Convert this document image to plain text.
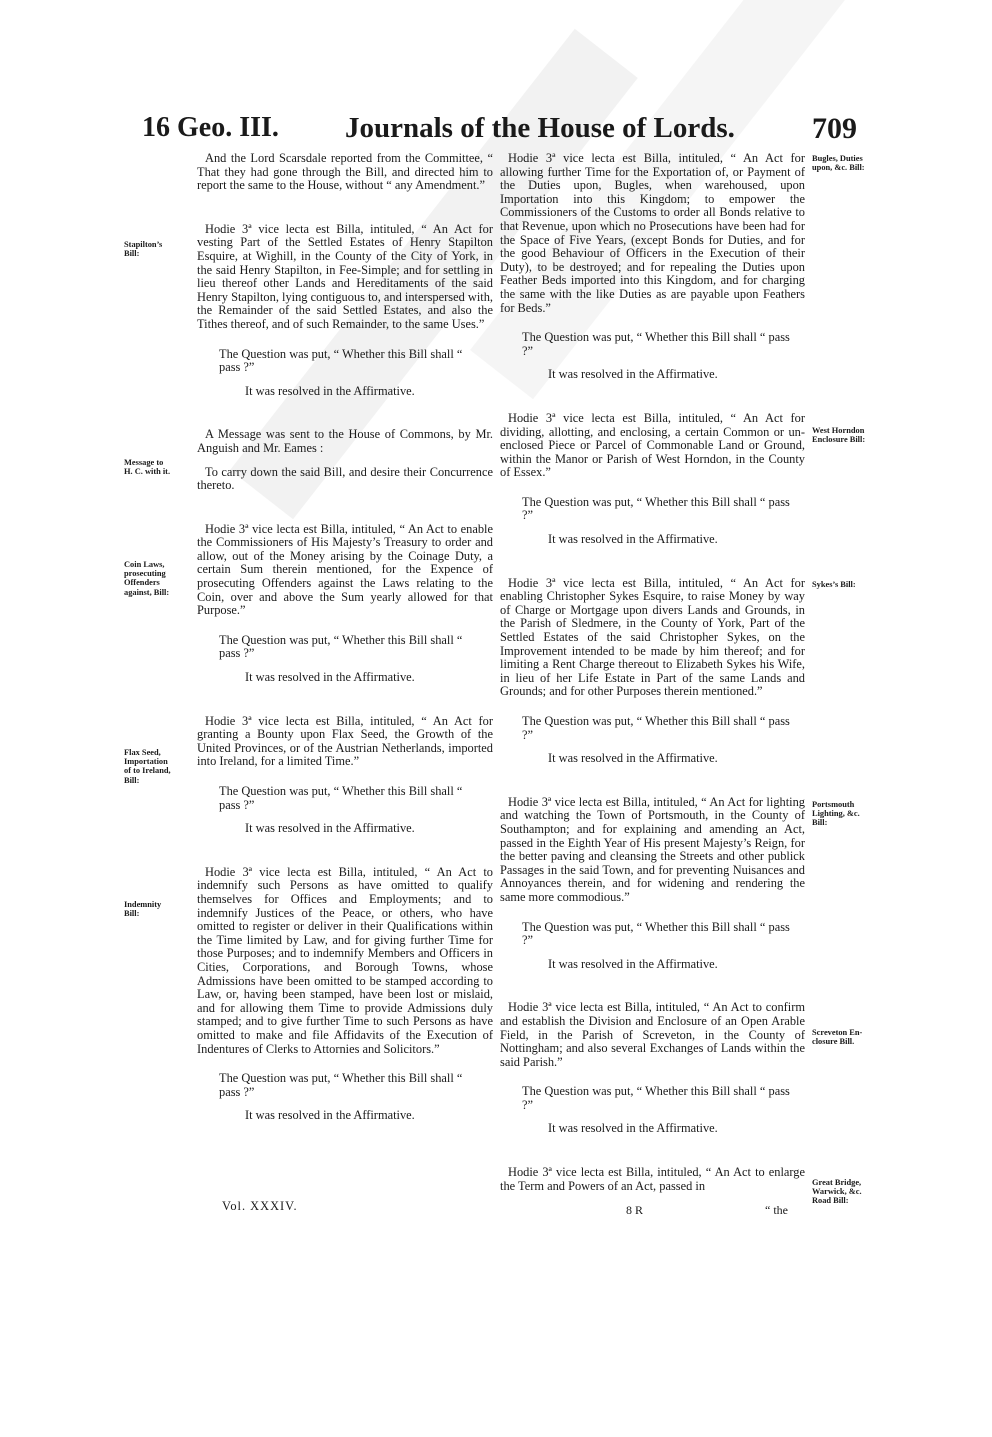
16 Geo. III. Journals of the House of Lords.	709

And the Lord Scarsdale reported from the Committee, “ That they had gone through the Bill, and directed him to report the same to the House, without “ any Amendment.”

Hodie 3ª vice lecta est Billa, intituled, “ An Act for vesting Part of the Settled Estates of Henry Stapilton Esquire, at Wighill, in the County of the City of York, in the said Henry Stapilton, in Fee-Simple; and for settling in lieu thereof other Lands and Hereditaments of the said Henry Stapilton, lying contiguous to, and interspersed with, the Remainder of the said Settled Estates, and also the Tithes thereof, and of such Remainder, to the same Uses.”

The Question was put, “ Whether this Bill shall “ pass ?”

It was resolved in the Affirmative.

A Message was sent to the House of Commons, by Mr. Anguish and Mr. Eames :

To carry down the said Bill, and desire their Concurrence thereto.

Hodie 3ª vice lecta est Billa, intituled, “ An Act to enable the Commissioners of His Majesty’s Treasury to order and allow, out of the Money arising by the Coinage Duty, a certain Sum therein mentioned, for the Expence of prosecuting Offenders against the Laws relating to the Coin, over and above the Sum yearly allowed for that Purpose.”

The Question was put, “ Whether this Bill shall “ pass ?”

It was resolved in the Affirmative.

Hodie 3ª vice lecta est Billa, intituled, “ An Act for granting a Bounty upon Flax Seed, the Growth of the United Provinces, or of the Austrian Netherlands, imported into Ireland, for a limited Time.”

The Question was put, “ Whether this Bill shall “ pass ?”

It was resolved in the Affirmative.

Hodie 3ª vice lecta est Billa, intituled, “ An Act to indemnify such Persons as have omitted to qualify themselves for Offices and Employments; and to indemnify Justices of the Peace, or others, who have omitted to register or deliver in their Qualifications within the Time limited by Law, and for giving further Time for those Purposes; and to indemnify Members and Officers in Cities, Corporations, and Borough Towns, whose Admissions have been omitted to be stamped according to Law, or, having been stamped, have been lost or mislaid, and for allowing them Time to provide Admissions duly stamped; and to give further Time to such Persons as have omitted to make and file Affidavits of the Execution of Indentures of Clerks to Attornies and Solicitors.”

The Question was put, “ Whether this Bill shall “ pass ?”

It was resolved in the Affirmative.

Hodie 3ª vice lecta est Billa, intituled, “ An Act for allowing further Time for the Exportation of, or Payment of the Duties upon, Bugles, when warehoused, upon Importation into this Kingdom; to empower the Commissioners of the Customs to order all Bonds relative to that Revenue, upon which no Prosecutions have been had for the Space of Five Years, (except Bonds for Duties, and for the good Behaviour of Officers in the Execution of their Duty), to be destroyed; and for repealing the Duties upon Feather Beds imported into this Kingdom, and for charging the same with the like Duties as are payable upon Feathers for Beds.”

The Question was put, “ Whether this Bill shall “ pass ?”

It was resolved in the Affirmative.

Hodie 3ª vice lecta est Billa, intituled, “ An Act for dividing, allotting, and enclosing, a certain Common or un-enclosed Piece or Parcel of Commonable Land or Ground, within the Manor or Parish of West Horndon, in the County of Essex.”

The Question was put, “ Whether this Bill shall “ pass ?”

It was resolved in the Affirmative.

Hodie 3ª vice lecta est Billa, intituled, “ An Act for enabling Christopher Sykes Esquire, to raise Money by way of Charge or Mortgage upon divers Lands and Grounds, in the Parish of Sledmere, in the County of York, Part of the Settled Estates of the said Christopher Sykes, on the Improvement intended to be made by him thereof; and for limiting a Rent Charge thereout to Elizabeth Sykes his Wife, in lieu of her Life Estate in Part of the same Lands and Grounds; and for other Purposes therein mentioned.”

The Question was put, “ Whether this Bill shall “ pass ?”

It was resolved in the Affirmative.

Hodie 3ª vice lecta est Billa, intituled, “ An Act for lighting and watching the Town of Portsmouth, in the County of Southampton; and for explaining and amending an Act, passed in the Eighth Year of His present Majesty’s Reign, for the better paving and cleansing the Streets and other publick Passages in the said Town, and for preventing Nuisances and Annoyances therein, and for widening and rendering the same more commodious.”

The Question was put, “ Whether this Bill shall “ pass ?”

It was resolved in the Affirmative.

Hodie 3ª vice lecta est Billa, intituled, “ An Act to confirm and establish the Division and Enclosure of an Open Arable Field, in the Parish of Screveton, in the County of Nottingham; and also several Exchanges of Lands within the said Parish.”

The Question was put, “ Whether this Bill shall “ pass ?”

It was resolved in the Affirmative.

Hodie 3ª vice lecta est Billa, intituled, “ An Act to enlarge the Term and Powers of an Act, passed in

Stapilton’s
Bill:
Message to
H. C. with it.
Coin Laws,
prosecuting
Offenders
against, Bill:
Flax Seed,
Importation
of to Ireland,
Bill:
Indemnity
Bill:
Bugles, Duties
upon, &c. Bill:
West Horndon
Enclosure Bill:
Sykes’s Bill:
Portsmouth
Lighting, &c.
Bill:
Screveton En-
closure Bill.
Great Bridge,
Warwick, &c.
Road Bill:
Vol. XXXIV.	8 R	“ the
